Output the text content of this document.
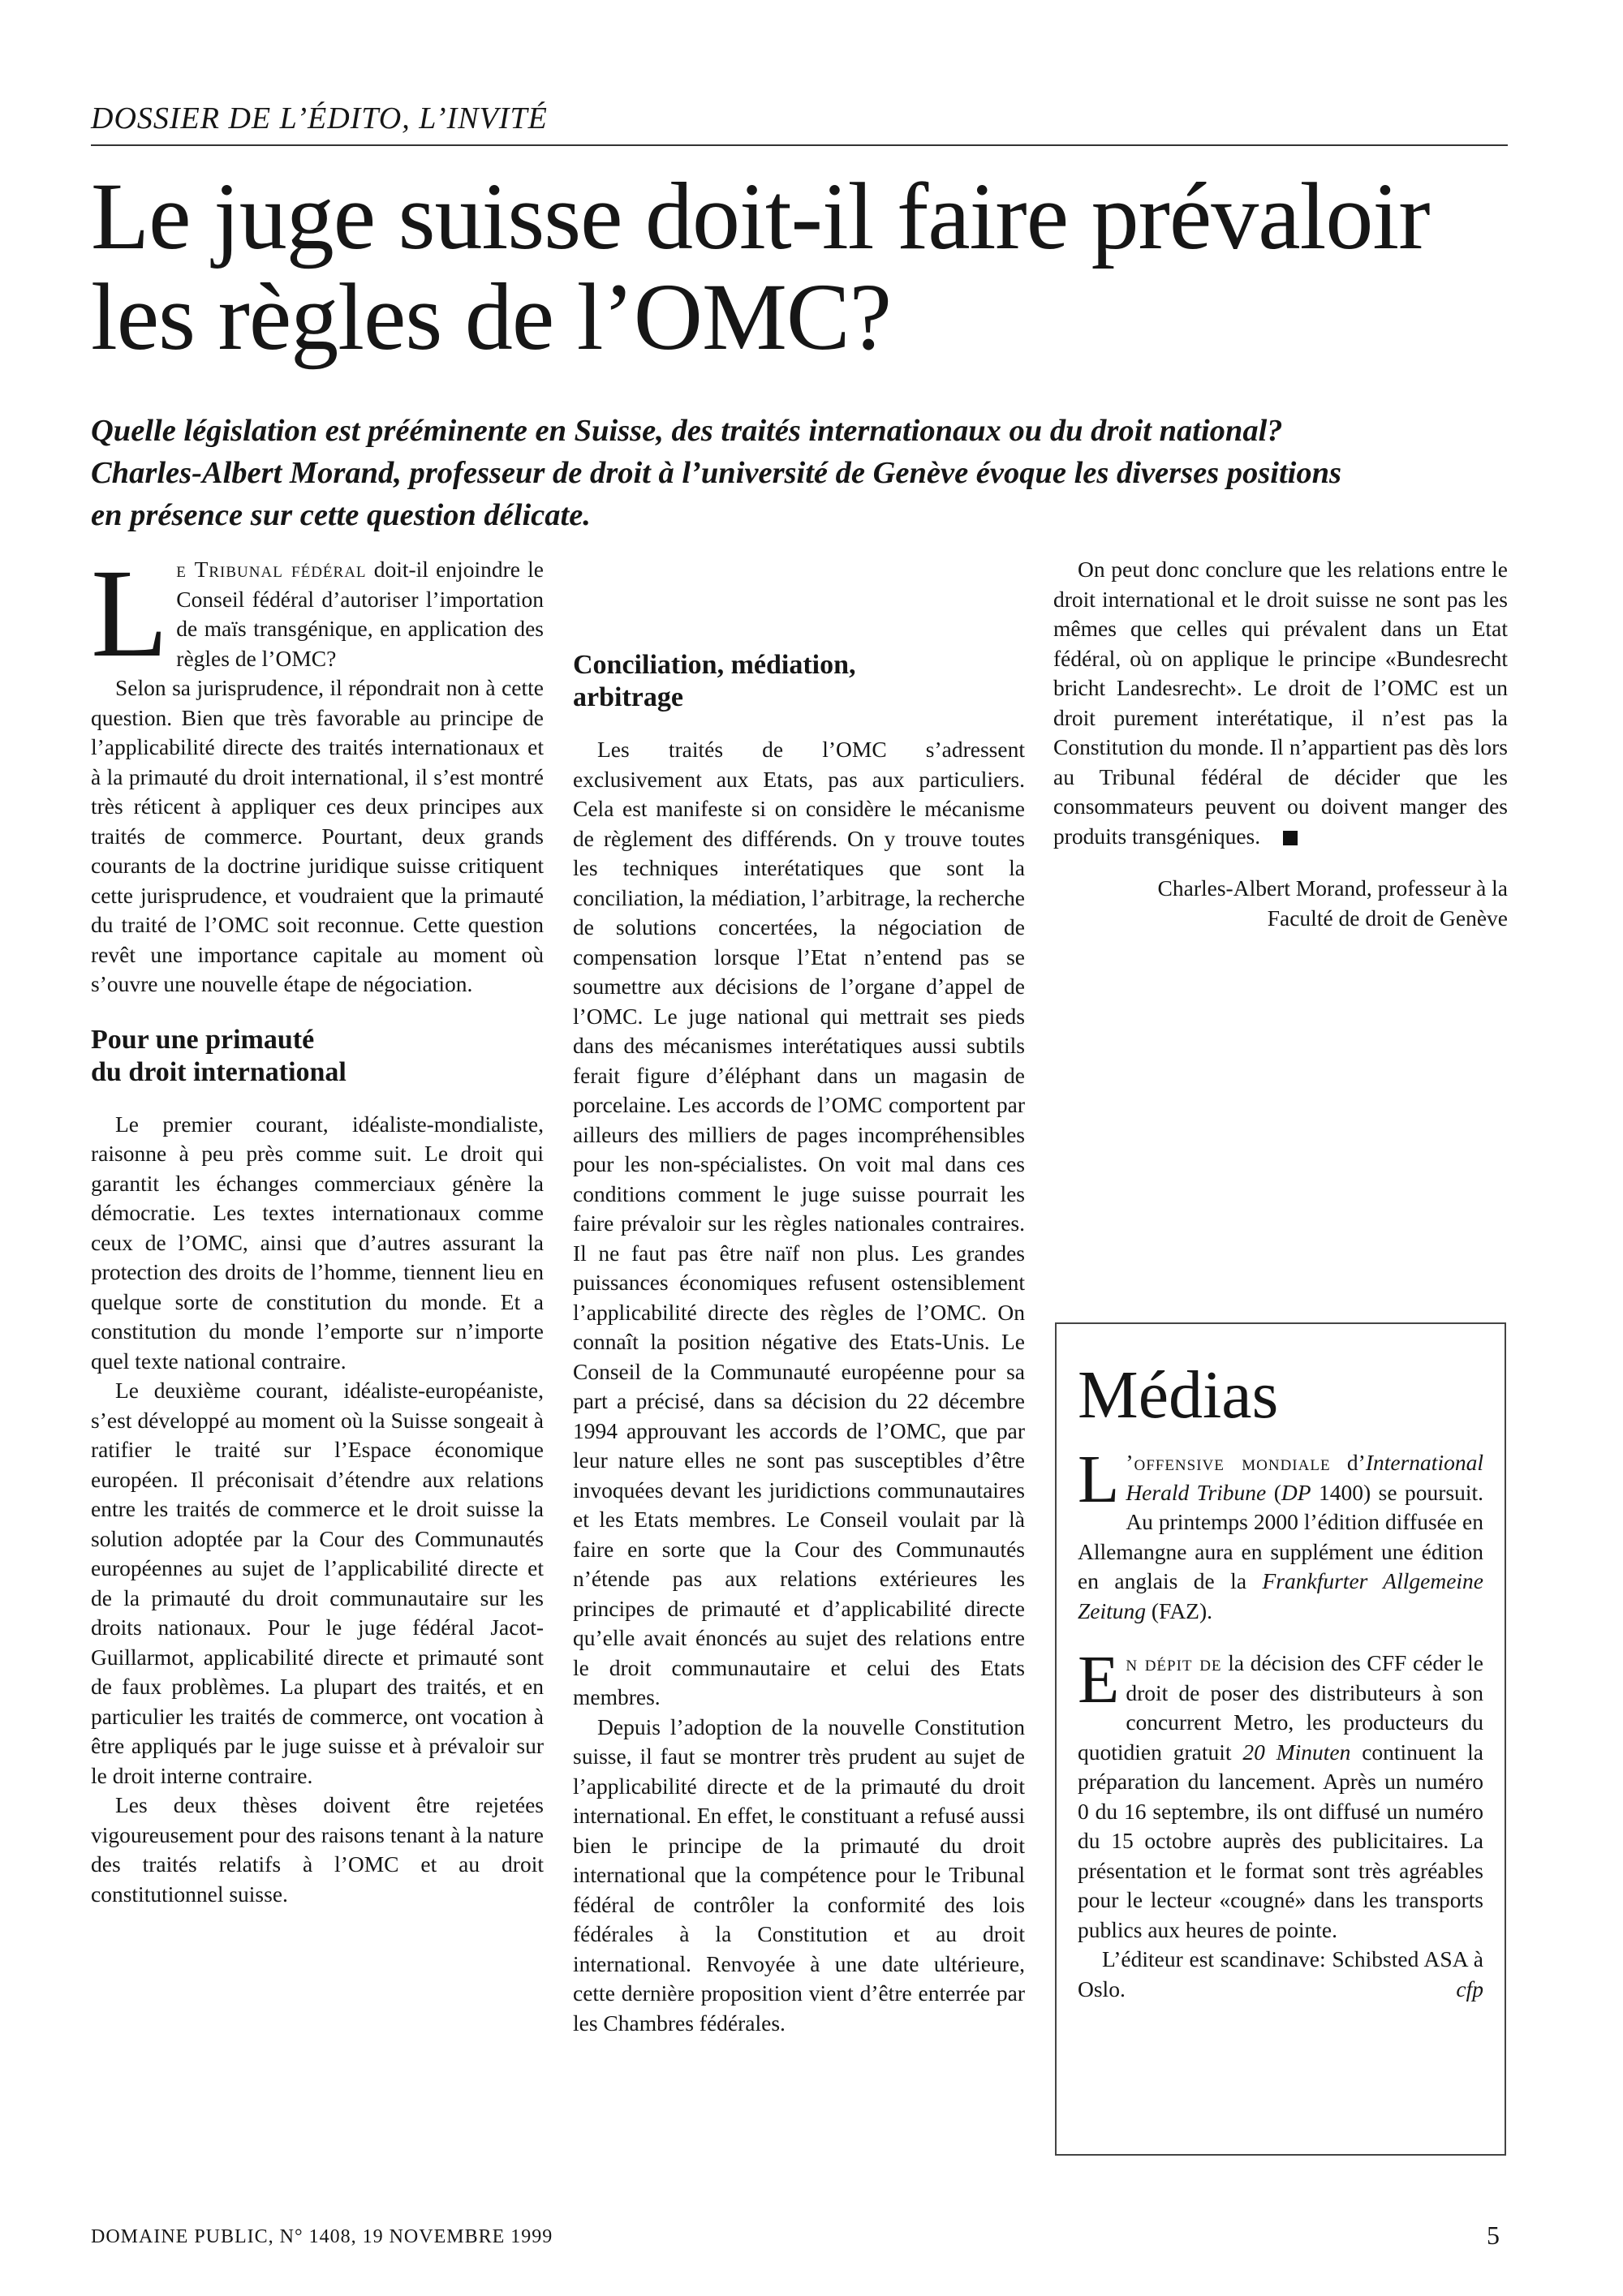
DOSSIER DE L’ÉDITO, L’INVITÉ
Le juge suisse doit-il faire prévaloir les règles de l’OMC?

Quelle législation est prééminente en Suisse, des traités internationaux ou du droit national? Charles-Albert Morand, professeur de droit à l’université de Genève évoque les diverses positions en présence sur cette question délicate.

Le Tribunal fédéral doit-il enjoindre le Conseil fédéral d’autoriser l’importation de maïs transgénique, en application des règles de l’OMC?

Selon sa jurisprudence, il répondrait non à cette question. Bien que très favorable au principe de l’applicabilité directe des traités internationaux et à la primauté du droit international, il s’est montré très réticent à appliquer ces deux principes aux traités de commerce. Pourtant, deux grands courants de la doctrine juridique suisse critiquent cette jurisprudence, et voudraient que la primauté du traité de l’OMC soit reconnue. Cette question revêt une importance capitale au moment où s’ouvre une nouvelle étape de négociation.

Pour une primauté
du droit international

Le premier courant, idéaliste-mondialiste, raisonne à peu près comme suit. Le droit qui garantit les échanges commerciaux génère la démocratie. Les textes internationaux comme ceux de l’OMC, ainsi que d’autres assurant la protection des droits de l’homme, tiennent lieu en quelque sorte de constitution du monde. Et a constitution du monde l’emporte sur n’importe quel texte national contraire.

Le deuxième courant, idéaliste-européaniste, s’est développé au moment où la Suisse songeait à ratifier le traité sur l’Espace économique européen. Il préconisait d’étendre aux relations entre les traités de commerce et le droit suisse la solution adoptée par la Cour des Communautés européennes au sujet de l’applicabilité directe et de la primauté du droit communautaire sur les droits nationaux. Pour le juge fédéral Jacot-Guillarmot, applicabilité directe et primauté sont de faux problèmes. La plupart des traités, et en particulier les traités de commerce, ont vocation à être appliqués par le juge suisse et à prévaloir sur le droit interne contraire.

Les deux thèses doivent être rejetées vigoureusement pour des raisons tenant à la nature des traités relatifs à l’OMC et au droit constitutionnel suisse.

Conciliation, médiation,
arbitrage

Les traités de l’OMC s’adressent exclusivement aux Etats, pas aux particuliers. Cela est manifeste si on considère le mécanisme de règlement des différends. On y trouve toutes les techniques interétatiques que sont la conciliation, la médiation, l’arbitrage, la recherche de solutions concertées, la négociation de compensation lorsque l’Etat n’entend pas se soumettre aux décisions de l’organe d’appel de l’OMC. Le juge national qui mettrait ses pieds dans des mécanismes interétatiques aussi subtils ferait figure d’éléphant dans un magasin de porcelaine. Les accords de l’OMC comportent par ailleurs des milliers de pages incompréhensibles pour les non-spécialistes. On voit mal dans ces conditions comment le juge suisse pourrait les faire prévaloir sur les règles nationales contraires. Il ne faut pas être naïf non plus. Les grandes puissances économiques refusent ostensiblement l’applicabilité directe des règles de l’OMC. On connaît la position négative des Etats-Unis. Le Conseil de la Communauté européenne pour sa part a précisé, dans sa décision du 22 décembre 1994 approuvant les accords de l’OMC, que par leur nature elles ne sont pas susceptibles d’être invoquées devant les juridictions communautaires et les Etats membres. Le Conseil voulait par là faire en sorte que la Cour des Communautés n’étende pas aux relations extérieures les principes de primauté et d’applicabilité directe qu’elle avait énoncés au sujet des relations entre le droit communautaire et celui des Etats membres.

Depuis l’adoption de la nouvelle Constitution suisse, il faut se montrer très prudent au sujet de l’applicabilité directe et de la primauté du droit international. En effet, le constituant a refusé aussi bien le principe de la primauté du droit international que la compétence pour le Tribunal fédéral de contrôler la conformité des lois fédérales à la Constitution et au droit international. Renvoyée à une date ultérieure, cette dernière proposition vient d’être enterrée par les Chambres fédérales.

On peut donc conclure que les relations entre le droit international et le droit suisse ne sont pas les mêmes que celles qui prévalent dans un Etat fédéral, où on applique le principe «Bundesrecht bricht Landesrecht». Le droit de l’OMC est un droit purement interétatique, il n’est pas la Constitution du monde. Il n’appartient pas dès lors au Tribunal fédéral de décider que les consommateurs peuvent ou doivent manger des produits transgéniques.

Charles-Albert Morand, professeur à la

Faculté de droit de Genève

Médias

L ’offensive mondiale d’International Herald Tribune (DP 1400) se poursuit. Au printemps 2000 l’édition diffusée en Allemangne aura en supplément une édition en anglais de la Frankfurter Allgemeine Zeitung (FAZ).

En dépit de la décision des CFF céder le droit de poser des distributeurs à son concurrent Metro, les producteurs du quotidien gratuit 20 Minuten continuent la préparation du lancement. Après un numéro 0 du 16 septembre, ils ont diffusé un numéro du 15 octobre auprès des publicitaires. La présentation et le format sont très agréables pour le lecteur «cougné» dans les transports publics aux heures de pointe.

L’éditeur est scandinave: Schibsted ASA à Oslo.	cfp

DOMAINE PUBLIC, N° 1408, 19 NOVEMBRE 1999	5
